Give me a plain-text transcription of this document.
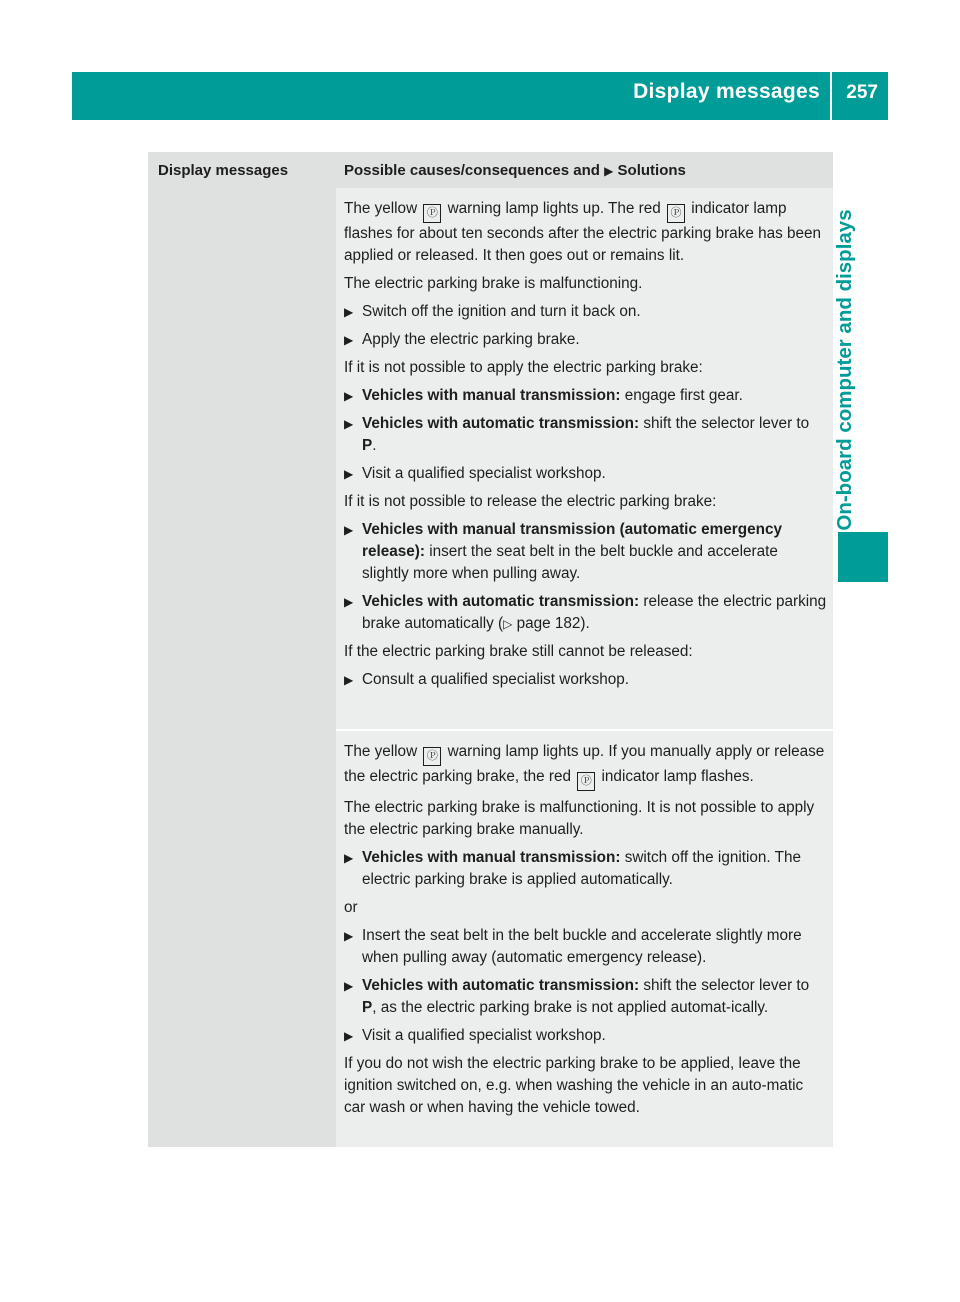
Display messages 257
On-board computer and displays
Display messages	Possible causes/consequences and ▶ Solutions

The yellow Ⓟ warning lamp lights up. The red Ⓟ indicator lamp flashes for about ten seconds after the electric parking brake has been applied or released. It then goes out or remains lit.

The electric parking brake is malfunctioning.

▶ Switch off the ignition and turn it back on.
▶ Apply the electric parking brake.

If it is not possible to apply the electric parking brake:

▶ Vehicles with manual transmission: engage first gear.
▶ Vehicles with automatic transmission: shift the selector lever to P.
▶ Visit a qualified specialist workshop.

If it is not possible to release the electric parking brake:

▶ Vehicles with manual transmission (automatic emergency release): insert the seat belt in the belt buckle and accelerate slightly more when pulling away.
▶ Vehicles with automatic transmission: release the electric parking brake automatically (▷ page 182).

If the electric parking brake still cannot be released:

▶ Consult a qualified specialist workshop.

The yellow Ⓟ warning lamp lights up. If you manually apply or release the electric parking brake, the red Ⓟ indicator lamp flashes.

The electric parking brake is malfunctioning. It is not possible to apply the electric parking brake manually.

▶ Vehicles with manual transmission: switch off the ignition. The electric parking brake is applied automatically.

or

▶ Insert the seat belt in the belt buckle and accelerate slightly more when pulling away (automatic emergency release).
▶ Vehicles with automatic transmission: shift the selector lever to P, as the electric parking brake is not applied automat-ically.
▶ Visit a qualified specialist workshop.

If you do not wish the electric parking brake to be applied, leave the ignition switched on, e.g. when washing the vehicle in an auto-matic car wash or when having the vehicle towed.
